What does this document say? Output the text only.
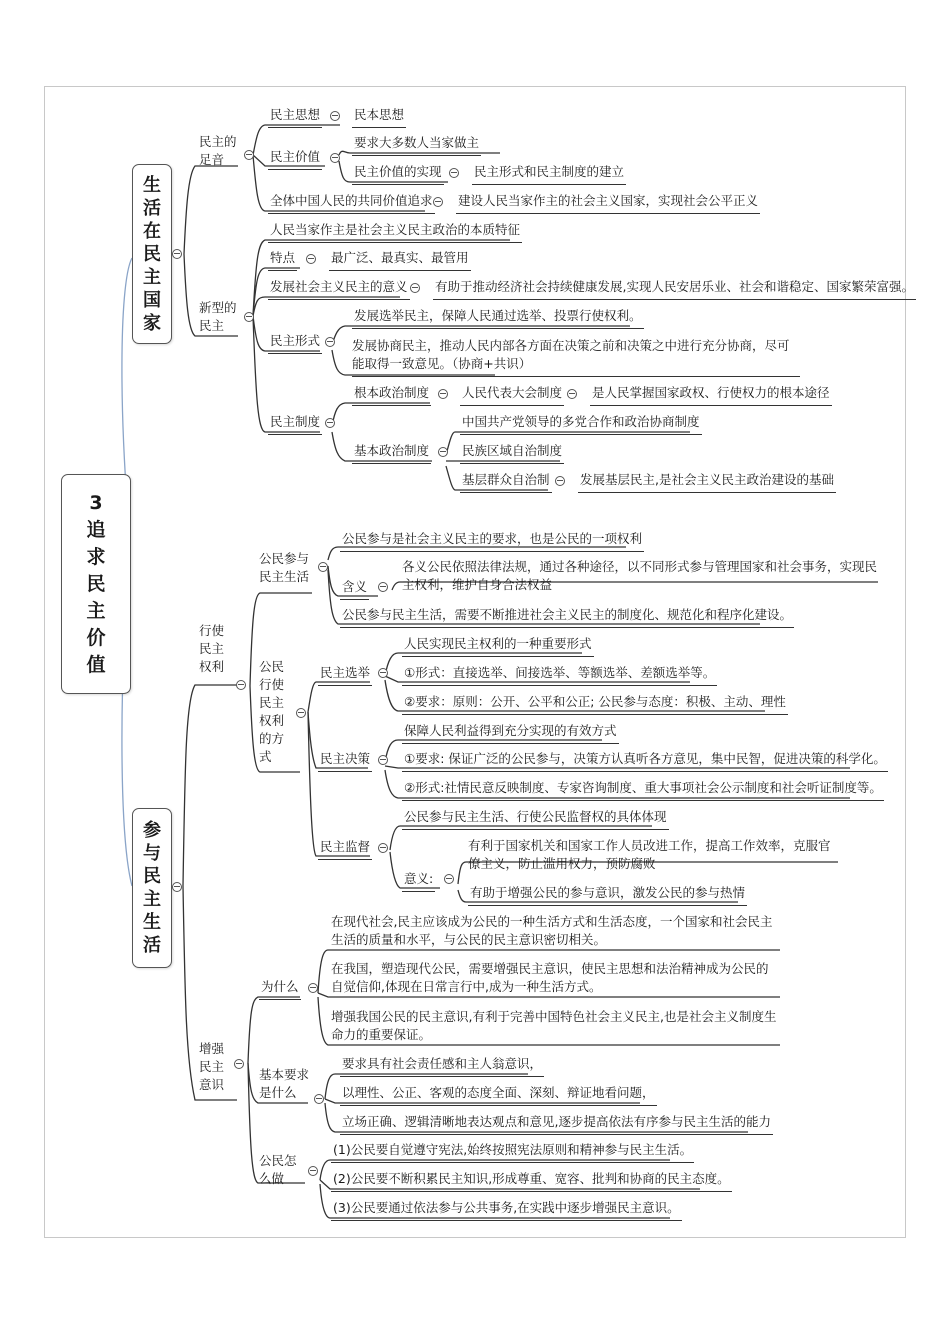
3 追求民主价值
生活在民主国家
民主的足音
民主思想	民本思想
民主价值
要求大多数人当家做主
民主价值的实现	民主形式和民主制度的建立
全体中国人民的共同价值追求 建设人民当家作主的社会主义国家，实现社会公平正义
新型的民主
人民当家作主是社会主义民主政治的本质特征
特点	最广泛、最真实、最管用
发展社会主义民主的意义 有助于推动经济社会持续健康发展,实现人民安居乐业、社会和谐稳定、国家繁荣富强。
民主形式
发展选举民主，保障人民通过选举、投票行使权利。
发展协商民主，推动人民内部各方面在决策之前和决策之中进行充分协商，尽可能取得一致意见。（协商+共识）
民主制度
根本政治制度	人民代表大会制度 是人民掌握国家政权、行使权力的根本途径
基本政治制度
中国共产党领导的多党合作和政治协商制度
民族区域自治制度
基层群众自治制 发展基层民主,是社会主义民主政治建设的基础
参与民主生活
行使民主权利
公民参与民主生活
公民参与是社会主义民主的要求，也是公民的一项权利
含义
各义公民依照法律法规，通过各种途径，以不同形式参与管理国家和社会事务，实现民主权利，维护自身合法权益
公民参与民主生活，需要不断推进社会主义民主的制度化、规范化和程序化建设。
公民行使民主权利的方式
民主选举
人民实现民主权利的一种重要形式
①形式：直接选举、间接选举、等额选举、差额选举等。
②要求：原则：公开、公平和公正; 公民参与态度：积极、主动、理性
民主决策
保障人民利益得到充分实现的有效方式
①要求: 保证广泛的公民参与，决策方认真听各方意见，集中民智，促进决策的科学化。
②形式:社情民意反映制度、专家咨询制度、重大事项社会公示制度和社会听证制度等。
民主监督
公民参与民主生活、行使公民监督权的具体体现
意义:
有利于国家机关和国家工作人员改进工作，提高工作效率，克服官僚主义，防止滥用权力，预防腐败
有助于增强公民的参与意识，激发公民的参与热情
增强民主意识
为什么
在现代社会,民主应该成为公民的一种生活方式和生活态度，一个国家和社会民主生活的质量和水平，与公民的民主意识密切相关。
在我国，塑造现代公民，需要增强民主意识，使民主思想和法治精神成为公民的自觉信仰,体现在日常言行中,成为一种生活方式。
增强我国公民的民主意识,有利于完善中国特色社会主义民主,也是社会主义制度生命力的重要保证。
基本要求是什么
要求具有社会责任感和主人翁意识，
以理性、公正、客观的态度全面、深刻、辩证地看问题，
立场正确、逻辑清晰地表达观点和意见,逐步提高依法有序参与民主生活的能力
公民怎么做
(1)公民要自觉遵守宪法,始终按照宪法原则和精神参与民主生活。
(2)公民要不断积累民主知识,形成尊重、宽容、批判和协商的民主态度。
(3)公民要通过依法参与公共事务,在实践中逐步增强民主意识。
